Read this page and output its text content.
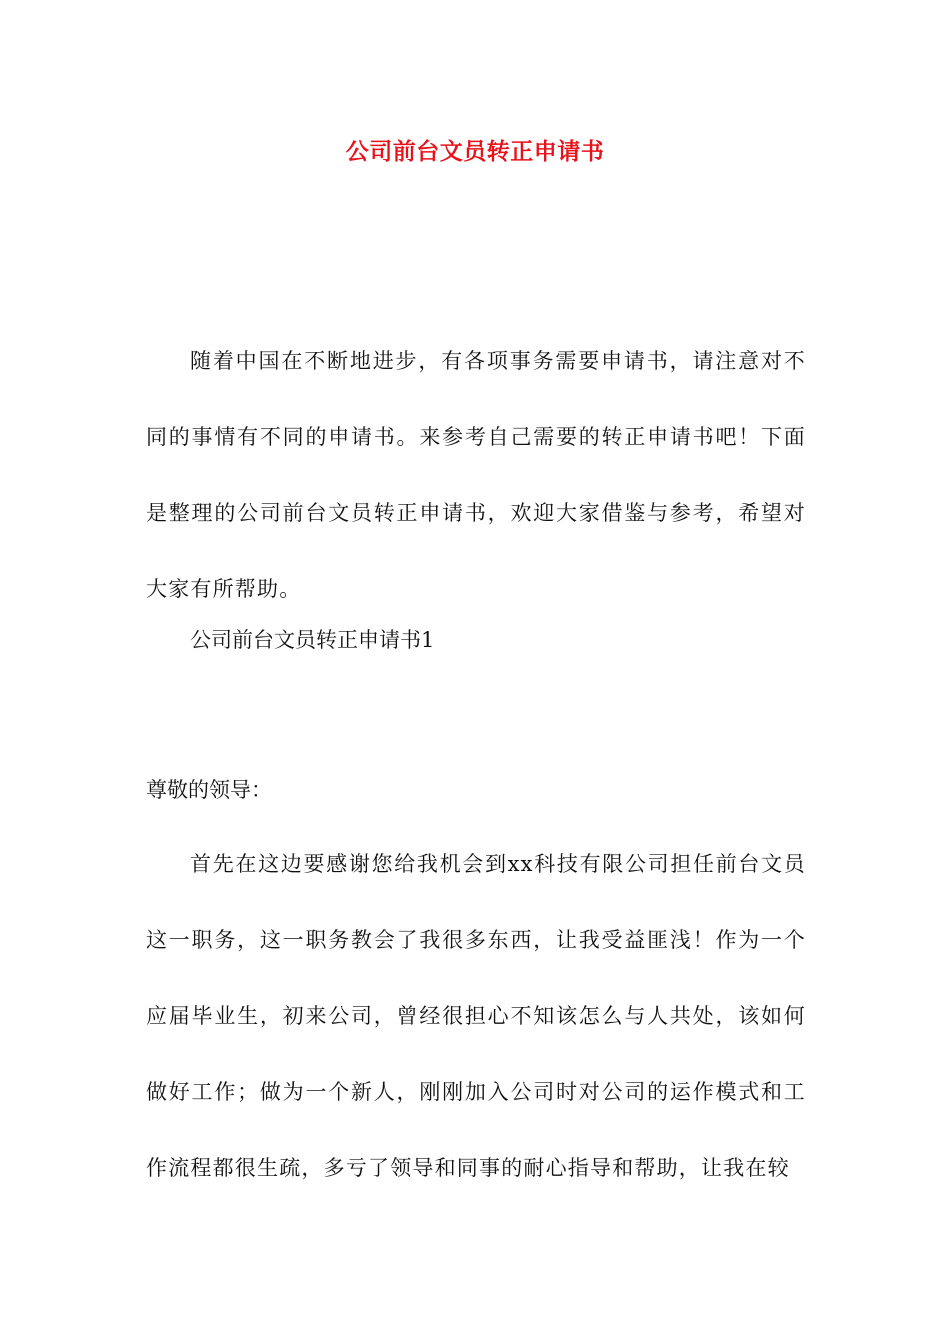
公司前台文员转正申请书

随着中国在不断地进步，有各项事务需要申请书，请注意对不同的事情有不同的申请书。来参考自己需要的转正申请书吧！下面是整理的公司前台文员转正申请书，欢迎大家借鉴与参考，希望对大家有所帮助。

公司前台文员转正申请书1

尊敬的领导：

首先在这边要感谢您给我机会到xx科技有限公司担任前台文员这一职务，这一职务教会了我很多东西，让我受益匪浅！作为一个应届毕业生，初来公司，曾经很担心不知该怎么与人共处，该如何做好工作；做为一个新人，刚刚加入公司时对公司的运作模式和工作流程都很生疏，多亏了领导和同事的耐心指导和帮助，让我在较
